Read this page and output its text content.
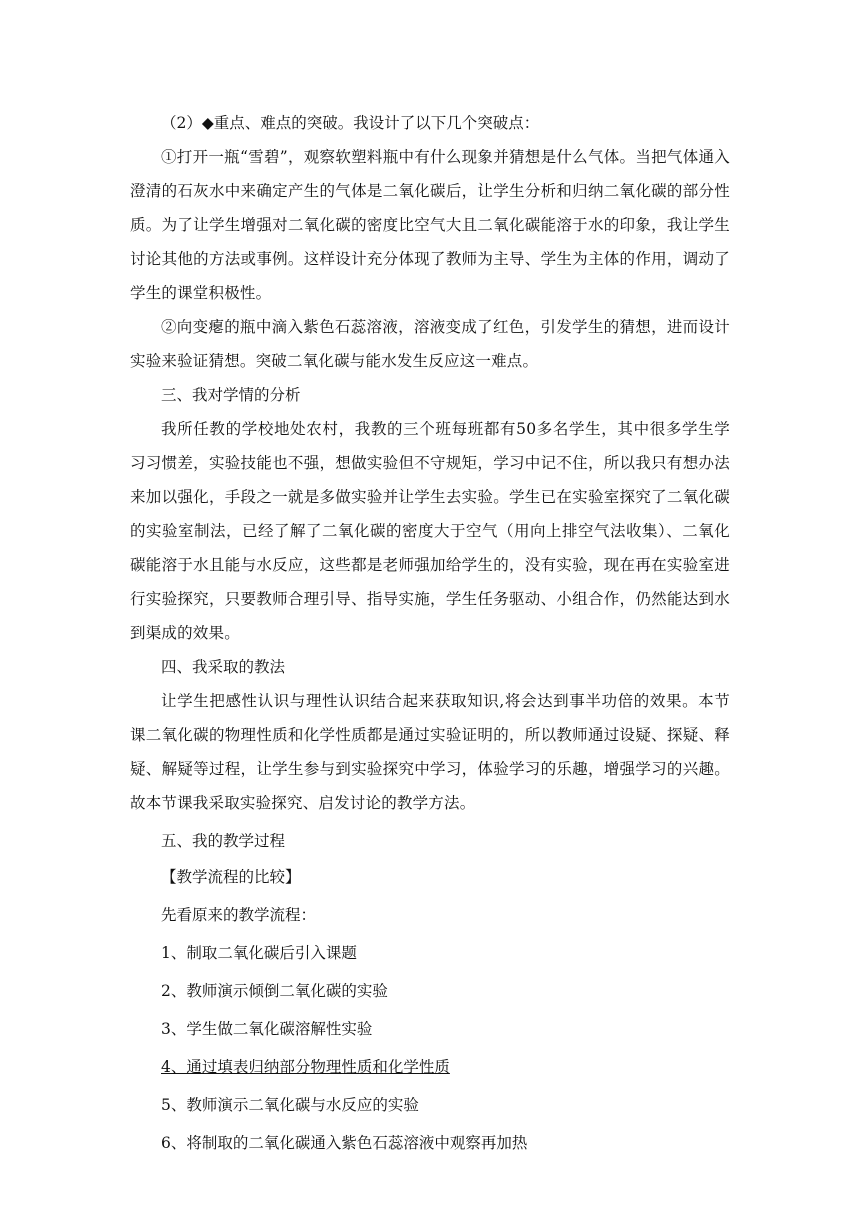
（2）◆重点、难点的突破。我设计了以下几个突破点：
①打开一瓶“雪碧”，观察软塑料瓶中有什么现象并猜想是什么气体。当把气体通入澄清的石灰水中来确定产生的气体是二氧化碳后，让学生分析和归纳二氧化碳的部分性质。为了让学生增强对二氧化碳的密度比空气大且二氧化碳能溶于水的印象，我让学生讨论其他的方法或事例。这样设计充分体现了教师为主导、学生为主体的作用，调动了学生的课堂积极性。
②向变瘪的瓶中滴入紫色石蕊溶液，溶液变成了红色，引发学生的猜想，进而设计实验来验证猜想。突破二氧化碳与能水发生反应这一难点。
三、我对学情的分析
我所任教的学校地处农村，我教的三个班每班都有50多名学生，其中很多学生学习习惯差，实验技能也不强，想做实验但不守规矩，学习中记不住，所以我只有想办法来加以强化，手段之一就是多做实验并让学生去实验。学生已在实验室探究了二氧化碳的实验室制法，已经了解了二氧化碳的密度大于空气（用向上排空气法收集）、二氧化碳能溶于水且能与水反应，这些都是老师强加给学生的，没有实验，现在再在实验室进行实验探究，只要教师合理引导、指导实施，学生任务驱动、小组合作，仍然能达到水到渠成的效果。
四、我采取的教法
让学生把感性认识与理性认识结合起来获取知识,将会达到事半功倍的效果。本节课二氧化碳的物理性质和化学性质都是通过实验证明的，所以教师通过设疑、探疑、释疑、解疑等过程，让学生参与到实验探究中学习，体验学习的乐趣，增强学习的兴趣。故本节课我采取实验探究、启发讨论的教学方法。
五、我的教学过程
【教学流程的比较】
先看原来的教学流程：
1、制取二氧化碳后引入课题
2、教师演示倾倒二氧化碳的实验
3、学生做二氧化碳溶解性实验
4、通过填表归纳部分物理性质和化学性质
5、教师演示二氧化碳与水反应的实验
6、将制取的二氧化碳通入紫色石蕊溶液中观察再加热
